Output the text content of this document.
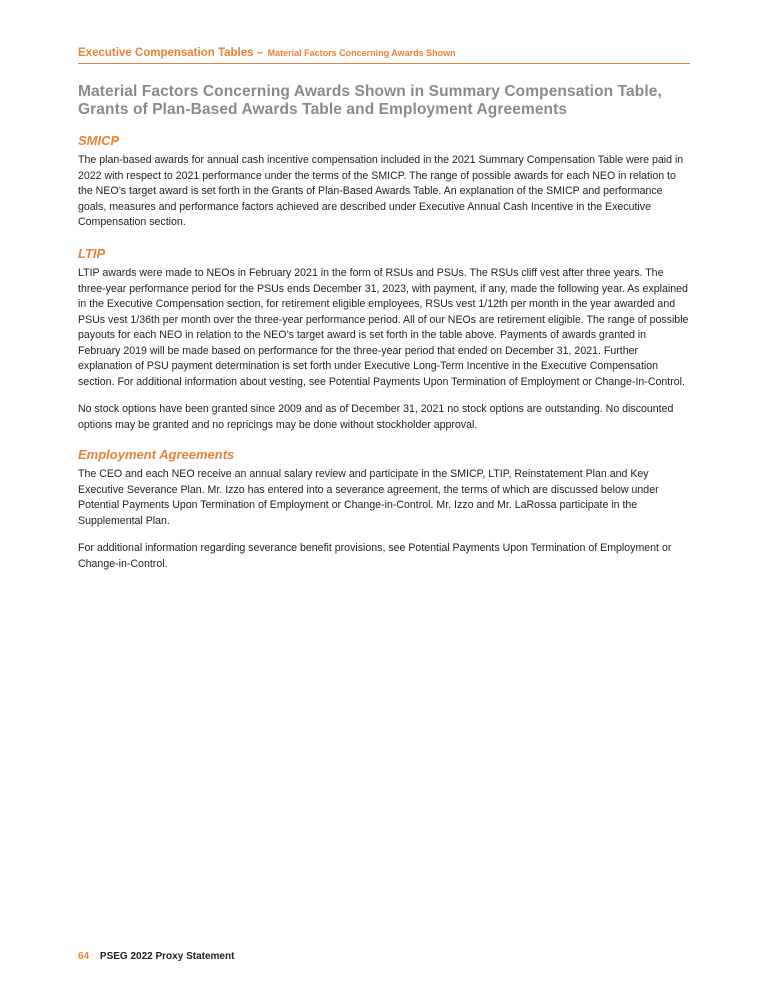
Executive Compensation Tables – Material Factors Concerning Awards Shown
Material Factors Concerning Awards Shown in Summary Compensation Table, Grants of Plan-Based Awards Table and Employment Agreements
SMICP

The plan-based awards for annual cash incentive compensation included in the 2021 Summary Compensation Table were paid in 2022 with respect to 2021 performance under the terms of the SMICP. The range of possible awards for each NEO in relation to the NEO’s target award is set forth in the Grants of Plan-Based Awards Table. An explanation of the SMICP and performance goals, measures and performance factors achieved are described under Executive Annual Cash Incentive in the Executive Compensation section.

LTIP

LTIP awards were made to NEOs in February 2021 in the form of RSUs and PSUs. The RSUs cliff vest after three years. The three-year performance period for the PSUs ends December 31, 2023, with payment, if any, made the following year. As explained in the Executive Compensation section, for retirement eligible employees, RSUs vest 1/12th per month in the year awarded and PSUs vest 1/36th per month over the three-year performance period. All of our NEOs are retirement eligible. The range of possible payouts for each NEO in relation to the NEO’s target award is set forth in the table above. Payments of awards granted in February 2019 will be made based on performance for the three-year period that ended on December 31, 2021. Further explanation of PSU payment determination is set forth under Executive Long-Term Incentive in the Executive Compensation section. For additional information about vesting, see Potential Payments Upon Termination of Employment or Change-In-Control.

No stock options have been granted since 2009 and as of December 31, 2021 no stock options are outstanding. No discounted options may be granted and no repricings may be done without stockholder approval.

Employment Agreements

The CEO and each NEO receive an annual salary review and participate in the SMICP, LTIP, Reinstatement Plan and Key Executive Severance Plan. Mr. Izzo has entered into a severance agreement, the terms of which are discussed below under Potential Payments Upon Termination of Employment or Change-in-Control. Mr. Izzo and Mr. LaRossa participate in the Supplemental Plan.

For additional information regarding severance benefit provisions, see Potential Payments Upon Termination of Employment or Change-in-Control.

64 PSEG 2022 Proxy Statement
